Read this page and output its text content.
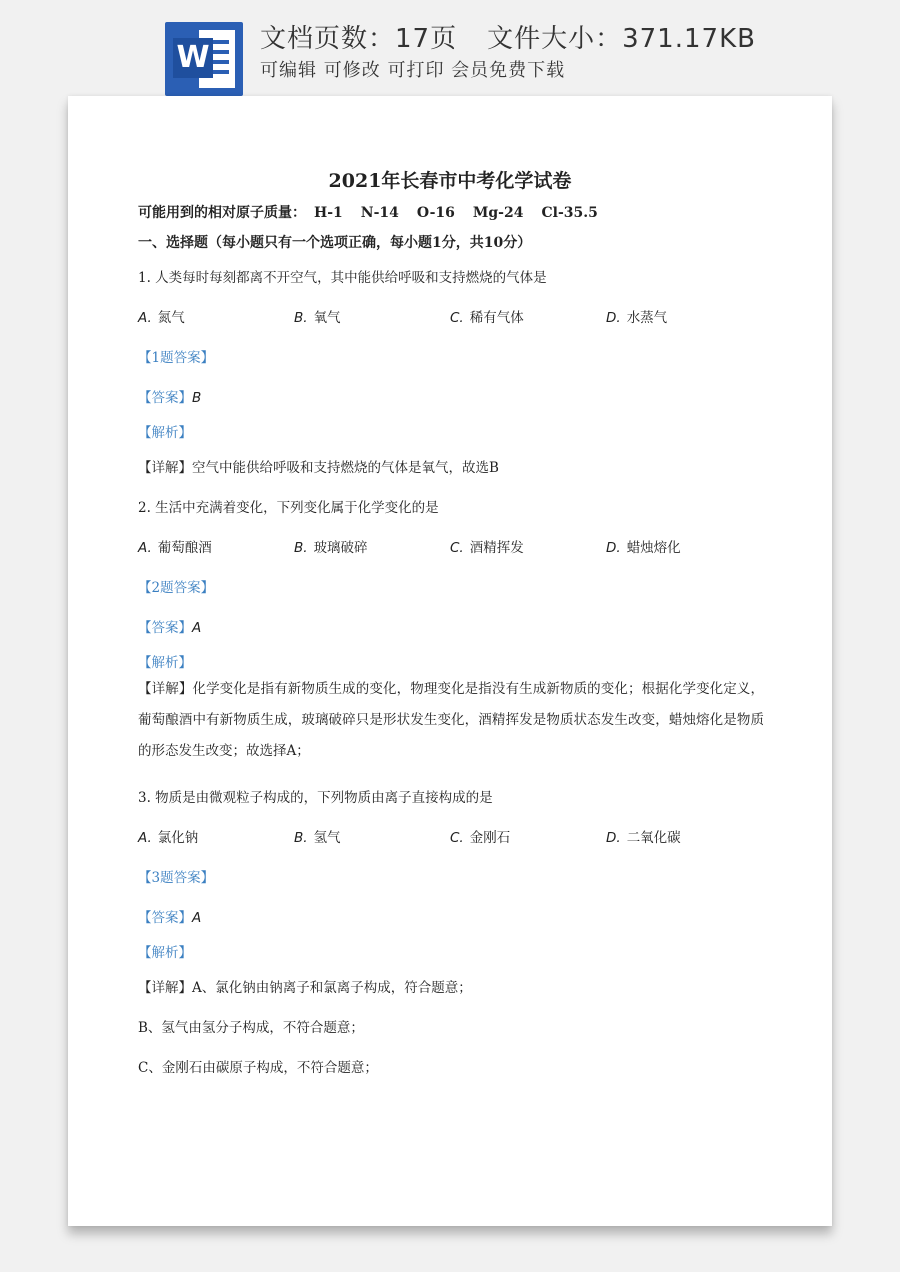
W
文档页数：17页 文件大小：371.17KB
可编辑 可修改 可打印 会员免费下载
2021年长春市中考化学试卷
可能用到的相对原子质量： H-1 N-14 O-16 Mg-24 Cl-35.5
一、选择题（每小题只有一个选项正确，每小题1分，共10分）
1. 人类每时每刻都离不开空气，其中能供给呼吸和支持燃烧的气体是
A. 氮气	B. 氧气	C. 稀有气体	D. 水蒸气
【1题答案】
【答案】B
【解析】
【详解】空气中能供给呼吸和支持燃烧的气体是氧气，故选B
2. 生活中充满着变化，下列变化属于化学变化的是
A. 葡萄酿酒	B. 玻璃破碎	C. 酒精挥发	D. 蜡烛熔化
【2题答案】
【答案】A
【解析】
【详解】化学变化是指有新物质生成的变化，物理变化是指没有生成新物质的变化；根据化学变化定义，葡萄酿酒中有新物质生成，玻璃破碎只是形状发生变化，酒精挥发是物质状态发生改变，蜡烛熔化是物质的形态发生改变；故选择A；
3. 物质是由微观粒子构成的，下列物质由离子直接构成的是
A. 氯化钠	B. 氢气	C. 金刚石	D. 二氧化碳
【3题答案】
【答案】A
【解析】
【详解】A、氯化钠由钠离子和氯离子构成，符合题意；
B、氢气由氢分子构成，不符合题意；
C、金刚石由碳原子构成，不符合题意；
